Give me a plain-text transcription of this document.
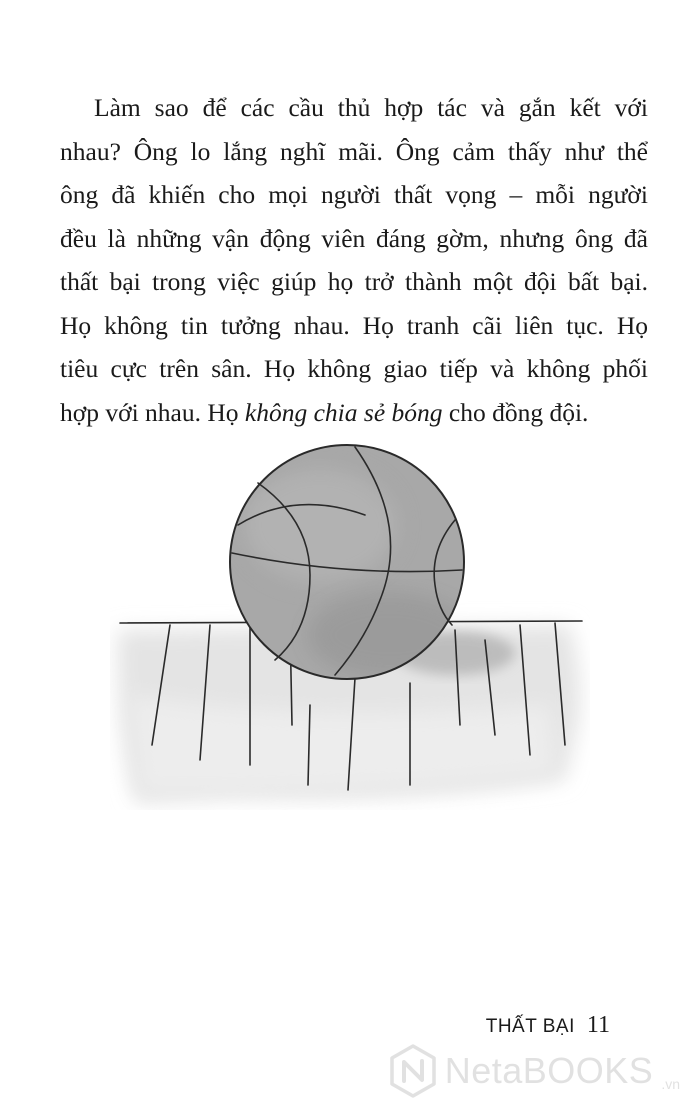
Làm sao để các cầu thủ hợp tác và gắn kết với
nhau? Ông lo lắng nghĩ mãi. Ông cảm thấy như thể
ông đã khiến cho mọi người thất vọng – mỗi người
đều là những vận động viên đáng gờm, nhưng ông đã
thất bại trong việc giúp họ trở thành một đội bất bại.
Họ không tin tưởng nhau. Họ tranh cãi liên tục. Họ
tiêu cực trên sân. Họ không giao tiếp và không phối
hợp với nhau. Họ không chia sẻ bóng cho đồng đội.

THẤT BẠI 11
NetaBOOKS .vn
